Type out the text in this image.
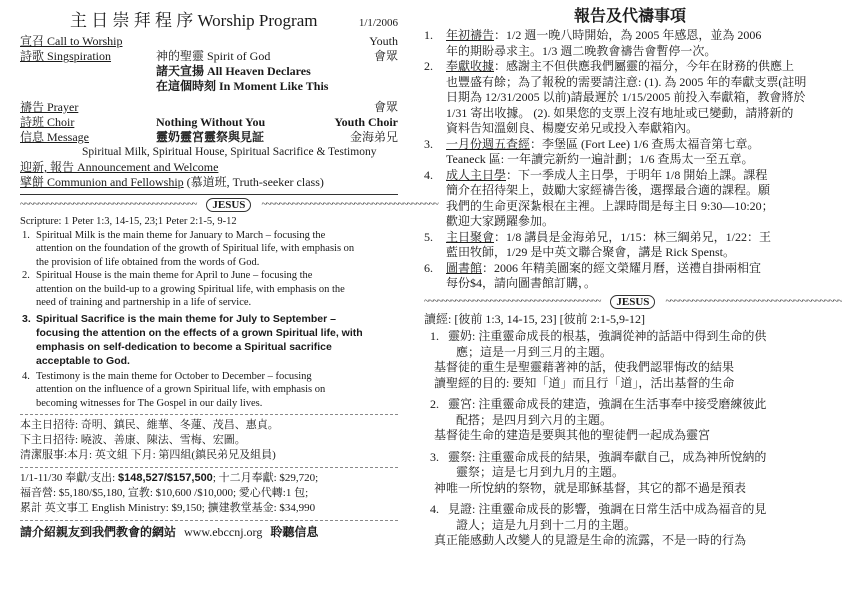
主 日 崇 拜 程 序 Worship Program	1/1/2006
宣召 Call to Worship	Youth
詩歌 Singspiration	神的聖靈 Spirit of God	會眾
諸天宣揚 All Heaven Declares
在這個時刻 In Moment Like This
禱告 Prayer	會眾
詩班 Choir	Nothing Without You	Youth Choir
信息 Message	靈奶靈宮靈祭與見証	金海弟兄
Spiritual Milk, Spiritual House, Spiritual Sacrifice & Testimony
迎新, 報告 Announcement and Welcome
擘餅 Communion and Fellowship (慕道班, Truth-seeker class)
~~~~~~~~~~~~~~~~~~~~~~~~~~~~~~~~~~~~~~~~	JESUS	~~~~~~~~~~~~~~~~~~~~~~~~~~~~~~~~~~~~~~~~
Scripture: 1 Peter 1:3, 14-15, 23;1 Peter 2:1-5, 9-12
1. Spiritual Milk is the main theme for January to March – focusing the
attention on the foundation of the growth of Spiritual life, with emphasis on
the provision of life obtained from the words of God.
2. Spiritual House is the main theme for April to June – focusing the
attention on the build-up to a growing Spiritual life, with emphasis on the
need of training and partnership in a life of service.
3. Spiritual Sacrifice is the main theme for July to September –
focusing the attention on the effects of a grown Spiritual life, with
emphasis on self-dedication to become a Spiritual sacrifice
acceptable to God.
4. Testimony is the main theme for October to December – focusing
attention on the influence of a grown Spiritual life, with emphasis on
becoming witnesses for The Gospel in our daily lives.
本主日招待: 奇明、鎮民、維華、冬蓮、茂昌、惠貞。
下主日招待: 曉波、善康、陳法、雪梅、宏圖。
清潔服事:本月: 英文組 下月: 第四組(鎮民弟兄及組員)
1/1-11/30 奉獻/支出: $148,527/$157,500; 十二月奉獻: $29,720;
福音營: $5,180/$5,180, 宣教: $10,600 /$10,000; 愛心代轉:1 包;
累計 英文事工 English Ministry: $9,150; 擴建教堂基金: $34,990
請介紹親友到我們教會的網站 www.ebccnj.org 聆聽信息
報告及代禱事項
1. 年初禱告：1/2 週一晚八時開始，為 2005 年感恩，並為 2006
年的期盼尋求主。1/3 週二晚教會禱告會暫停一次。
2. 奉獻收據：感謝主不但供應我們屬靈的福分，今年在財務的供應上
也豐盛有餘；為了報稅的需要請注意: (1). 為 2005 年的奉獻支票(註明
日期為 12/31/2005 以前)請最遲於 1/15/2005 前投入奉獻箱，教會將於
1/31 寄出收據。 (2). 如果您的支票上沒有地址或已變動，請將新的
資料告知溫劍良、楊慶安弟兄或投入奉獻箱內。
3. 一月份週五查經：李堡區 (Fort Lee) 1/6 查馬太福音第七章。
Teaneck 區: 一年讀完新約一遍計劃；1/6 查馬太一至五章。
4. 成人主日學：下一季成人主日學，于明年 1/8 開始上課。課程
簡介在招待架上，鼓勵大家經禱告後，選擇最合適的課程。願
我們的生命更深紮根在主裡。上課時間是每主日 9:30—10:20；
歡迎大家踴躍參加。
5. 主日聚會：1/8 講員是金海弟兄，1/15：林三綱弟兄，1/22：王
藍田牧師，1/29 是中英文聯合聚會，講是 Rick Spenst。
6. 圖書館：2006 年精美圖案的經文榮耀月曆，送禮自掛兩相宜
每份$4，請向圖書館訂購，。
~~~~~~~~~~~~~~~~~~~~~~~~~~~~~~~~~~~~~~~~	JESUS	~~~~~~~~~~~~~~~~~~~~~~~~~~~~~~~~~~~~~~~~
讀經: [彼前 1:3, 14-15, 23] [彼前 2:1-5,9-12]
1. 靈奶: 注重靈命成長的根基，強調從神的話語中得到生命的供
應；這是一月到三月的主題。
基督徒的重生是聖靈藉著神的話，使我們認罪悔改的結果
讀聖經的目的: 要知「道」而且行「道」，活出基督的生命
2. 靈宮: 注重靈命成長的建造，強調在生活事奉中接受磨練彼此
配搭；是四月到六月的主題。
基督徒生命的建造是要與其他的聖徒們一起成為靈宮
3. 靈祭: 注重靈命成長的結果，強調奉獻自己，成為神所悅納的
靈祭；這是七月到九月的主題。
神唯一所悅納的祭物，就是耶穌基督，其它的都不過是預表
4. 見證: 注重靈命成長的影響，強調在日常生活中成為福音的見
證人；這是九月到十二月的主題。
真正能感動人改變人的見證是生命的流露，不是一時的行為
